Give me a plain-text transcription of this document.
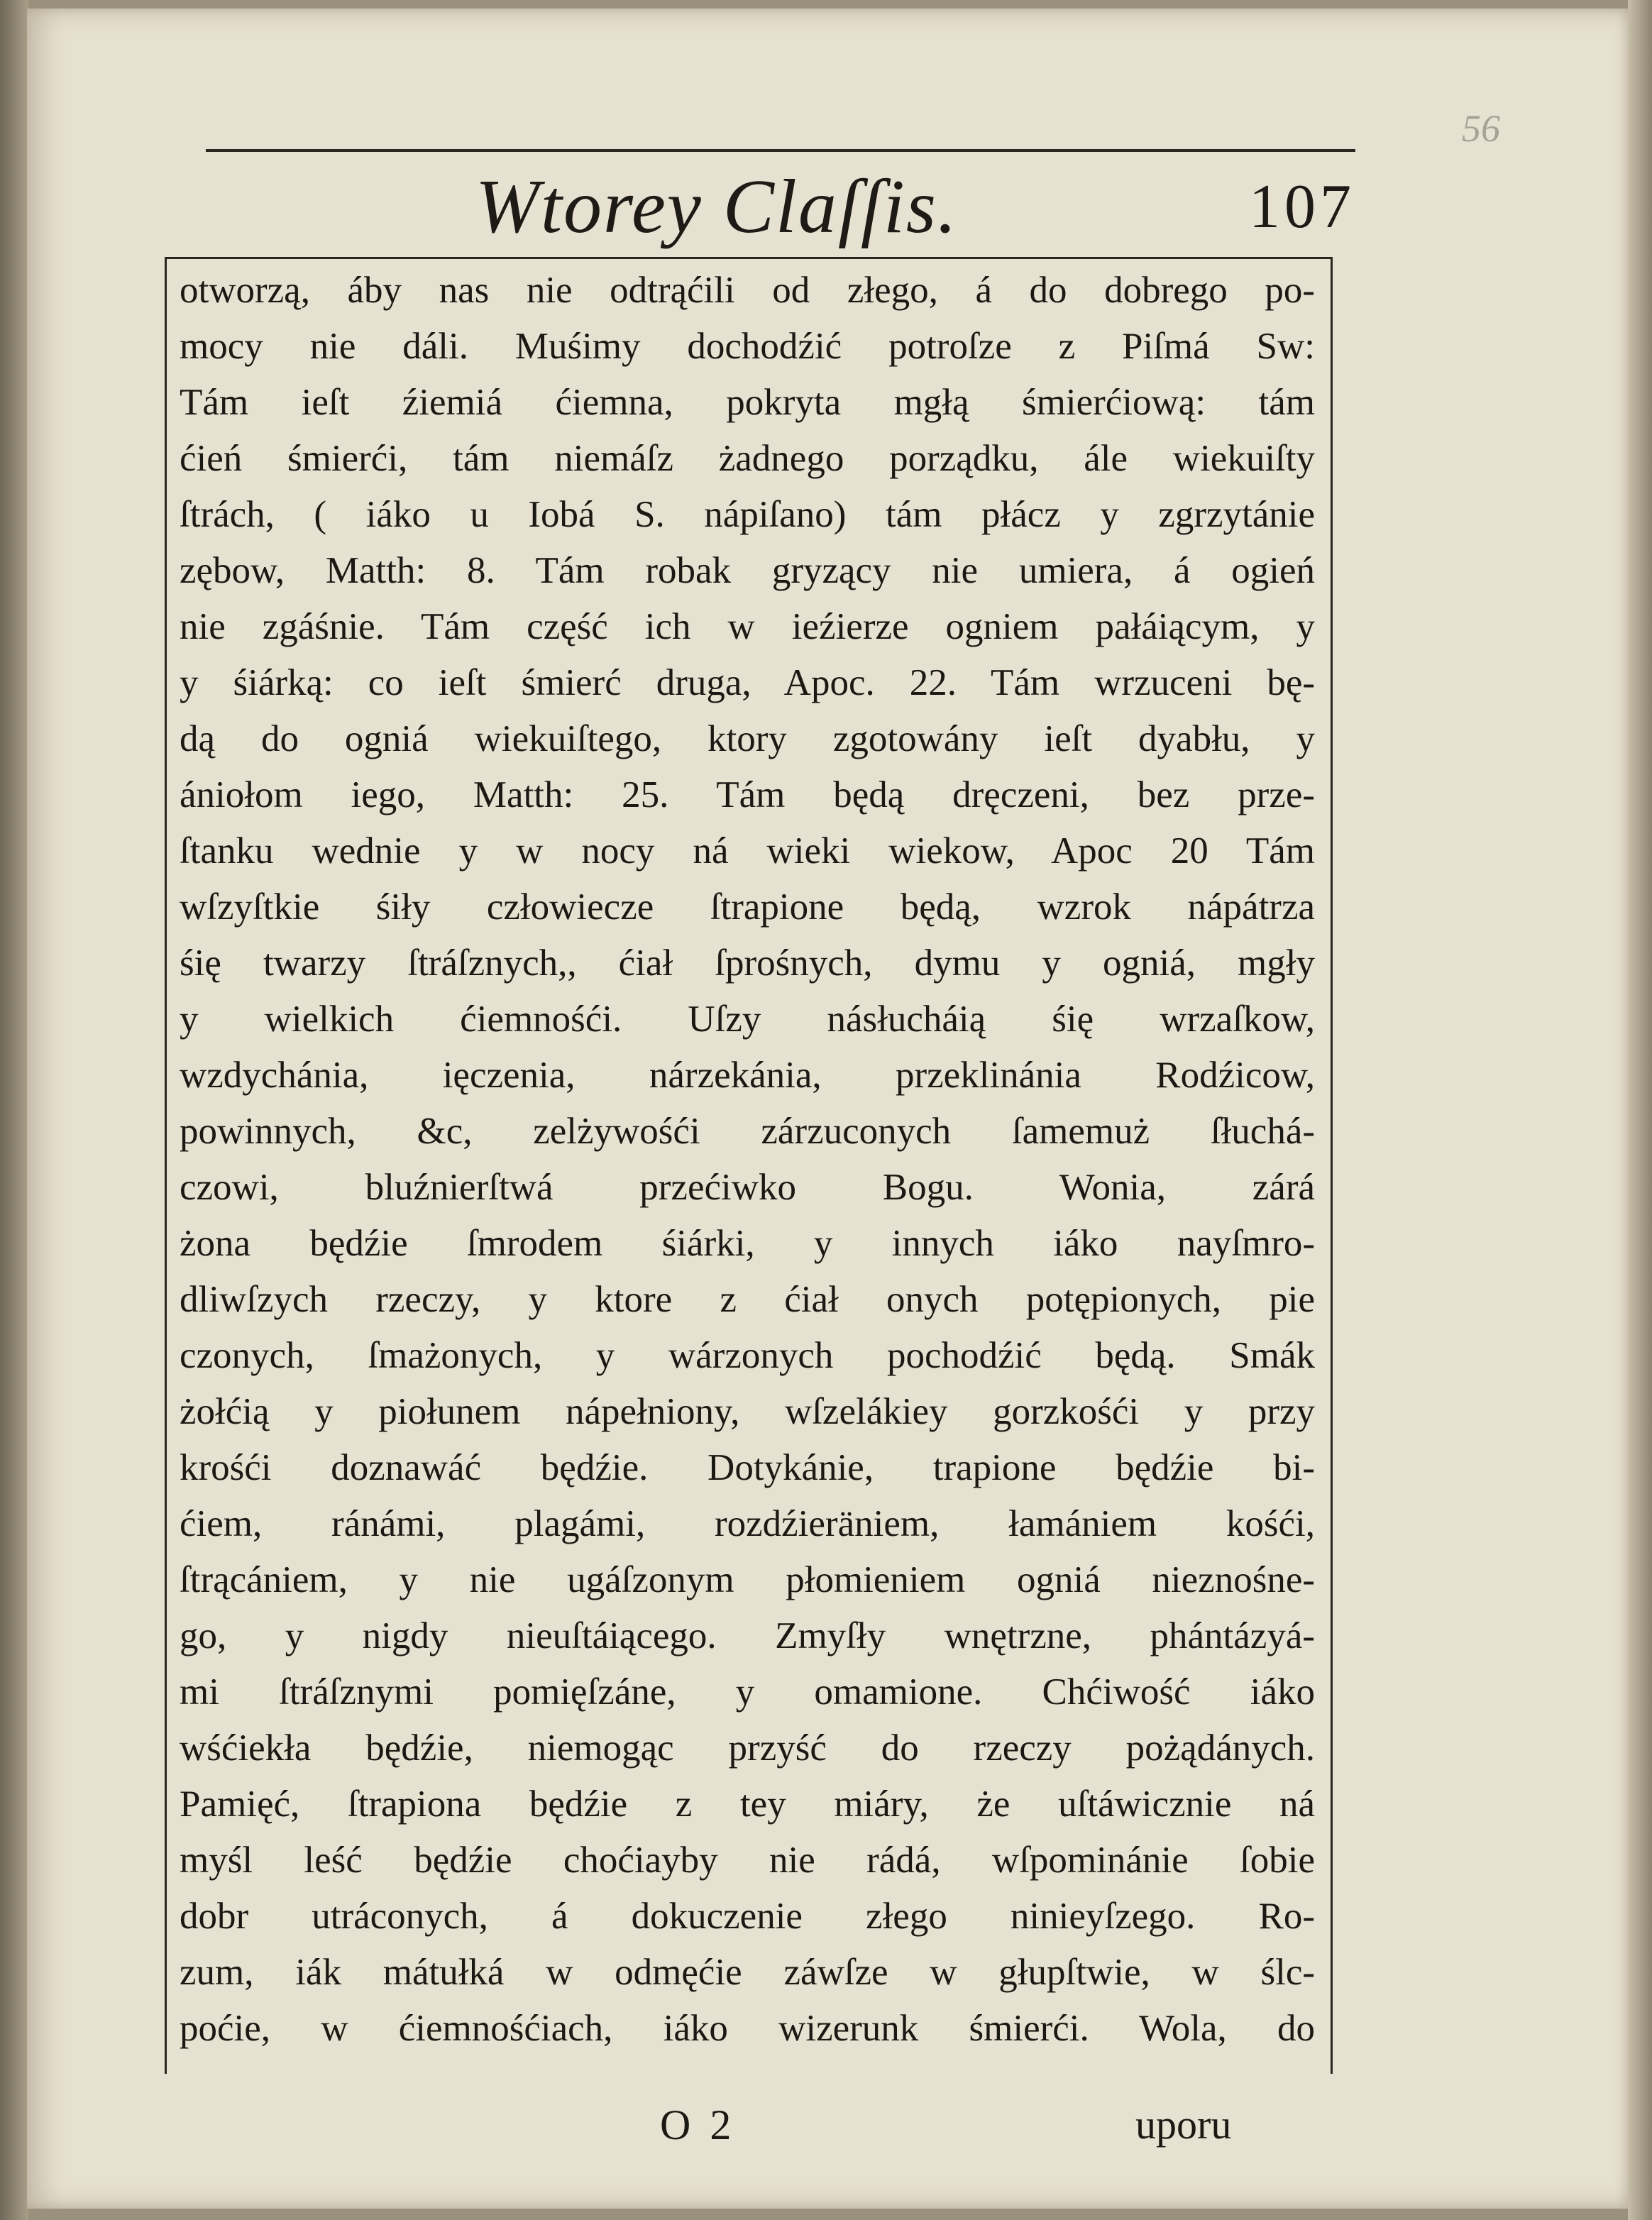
56
Wtorey Claſſis.	107
otworzą, áby nas nie odtrąćili od złego, á do dobrego po-
mocy nie dáli. Muśimy dochodźić potroſze z Piſmá Sw:
Tám ieſt źiemiá ćiemna, pokryta mgłą śmierćiową: tám
ćień śmierći, tám niemáſz żadnego porządku, ále wiekuiſty
ſtrách, ( iáko u Iobá S. nápiſano) tám płácz y zgrzytánie
zębow, Matth: 8. Tám robak gryzący nie umiera, á ogień
nie zgáśnie. Tám część ich w ieźierze ogniem pałáiącym, y
y śiárką: co ieſt śmierć druga, Apoc. 22. Tám wrzuceni bę-
dą do ogniá wiekuiſtego, ktory zgotowány ieſt dyabłu, y
ániołom iego, Matth: 25. Tám będą dręczeni, bez prze-
ſtanku wednie y w nocy ná wieki wiekow, Apoc 20 Tám
wſzyſtkie śiły człowiecze ſtrapione będą, wzrok nápátrza
śię twarzy ſtráſznych,, ćiał ſprośnych, dymu y ogniá, mgły
y wielkich ćiemnośći. Uſzy násłucháią śię wrzaſkow,
wzdychánia, ięczenia, nárzekánia, przeklinánia Rodźicow,
powinnych, &c, zelżywośći zárzuconych ſamemuż ſłuchá-
czowi, bluźnierſtwá przećiwko Bogu. Wonia, zárá
żona będźie ſmrodem śiárki, y innych iáko nayſmro-
dliwſzych rzeczy, y ktore z ćiał onych potępionych, pie
czonych, ſmażonych, y wárzonych pochodźić będą. Smák
żołćią y piołunem nápełniony, wſzelákiey gorzkośći y przy
krośći doznawáć będźie. Dotykánie, trapione będźie bi-
ćiem, ránámi, plagámi, rozdźieräniem, łamániem kośći,
ſtrącániem, y nie ugáſzonym płomieniem ogniá nieznośne-
go, y nigdy nieuſtáiącego. Zmyſły wnętrzne, phántázyá-
mi ſtráſznymi pomięſzáne, y omamione. Chćiwość iáko
wśćiekła będźie, niemogąc przyść do rzeczy pożądánych.
Pamięć, ſtrapiona będźie z tey miáry, że uſtáwicznie ná
myśl leść będźie choćiayby nie rádá, wſpominánie ſobie
dobr utráconych, á dokuczenie złego ninieyſzego. Ro-
zum, iák mátułká w odmęćie záwſze w głupſtwie, w ślc-
poćie, w ćiemnośćiach, iáko wizerunk śmierći. Wola, do
O 2	uporu
